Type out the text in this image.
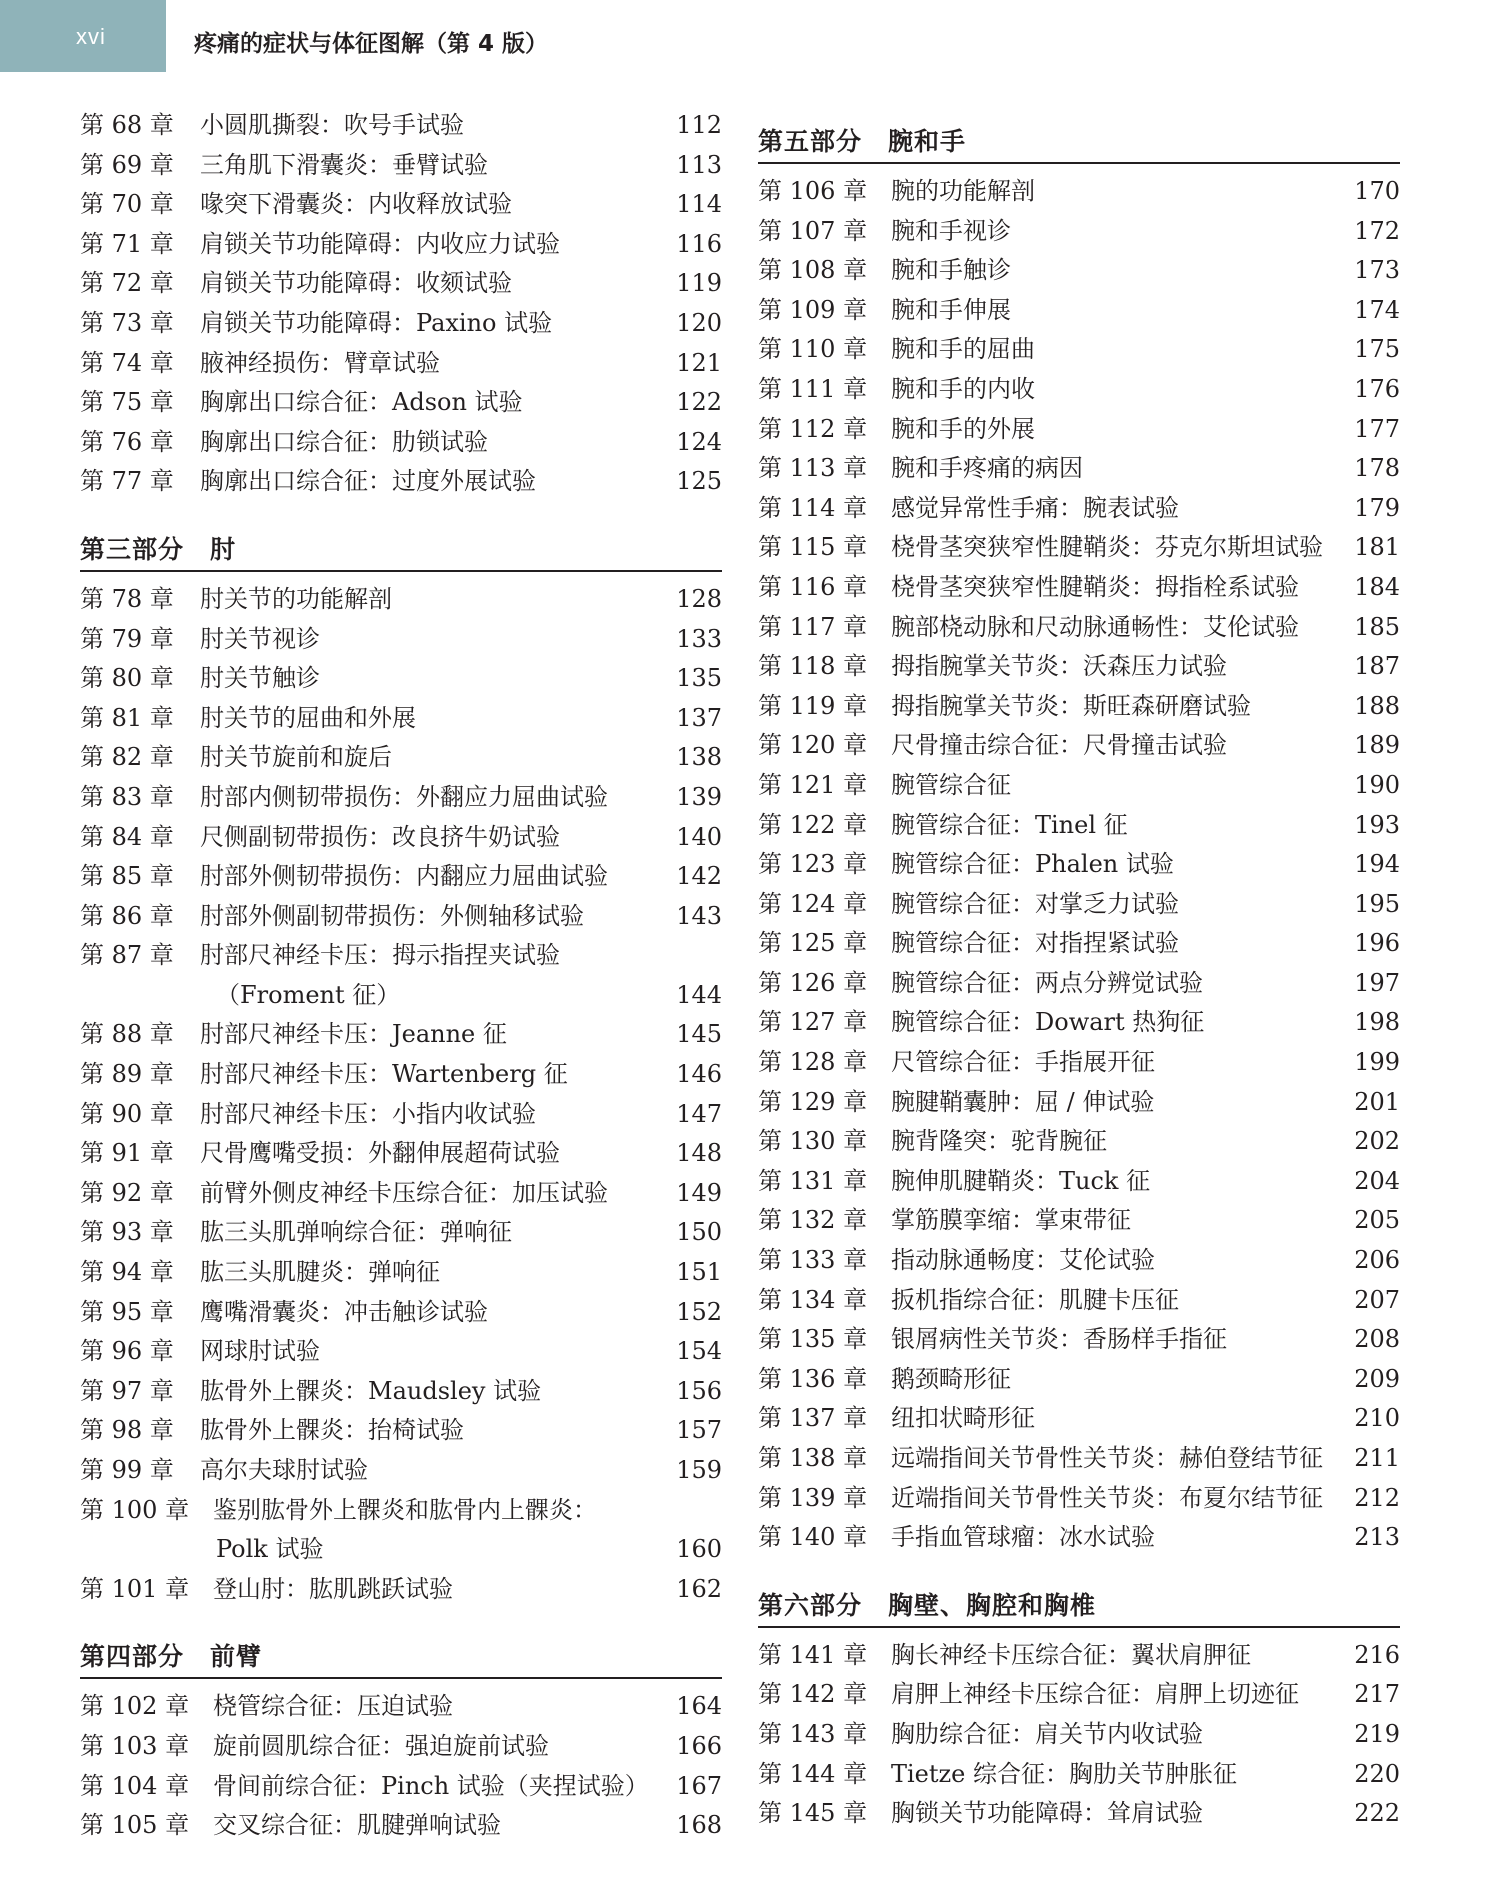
xvi	疼痛的症状与体征图解（第 4 版）
第 68 章 小圆肌撕裂：吹号手试验	112
第 69 章 三角肌下滑囊炎：垂臂试验	113
第 70 章 喙突下滑囊炎：内收释放试验	114
第 71 章 肩锁关节功能障碍：内收应力试验	116
第 72 章 肩锁关节功能障碍：收颏试验	119
第 73 章 肩锁关节功能障碍：Paxino 试验	120
第 74 章 腋神经损伤：臂章试验	121
第 75 章 胸廓出口综合征：Adson 试验	122
第 76 章 胸廓出口综合征：肋锁试验	124
第 77 章 胸廓出口综合征：过度外展试验	125
第三部分　肘
第 78 章 肘关节的功能解剖	128
第 79 章 肘关节视诊	133
第 80 章 肘关节触诊	135
第 81 章 肘关节的屈曲和外展	137
第 82 章 肘关节旋前和旋后	138
第 83 章 肘部内侧韧带损伤：外翻应力屈曲试验	139
第 84 章 尺侧副韧带损伤：改良挤牛奶试验	140
第 85 章 肘部外侧韧带损伤：内翻应力屈曲试验	142
第 86 章 肘部外侧副韧带损伤：外侧轴移试验	143
第 87 章 肘部尺神经卡压：拇示指捏夹试验
（Froment 征）	144
第 88 章 肘部尺神经卡压：Jeanne 征	145
第 89 章 肘部尺神经卡压：Wartenberg 征	146
第 90 章 肘部尺神经卡压：小指内收试验	147
第 91 章 尺骨鹰嘴受损：外翻伸展超荷试验	148
第 92 章 前臂外侧皮神经卡压综合征：加压试验	149
第 93 章 肱三头肌弹响综合征：弹响征	150
第 94 章 肱三头肌腱炎：弹响征	151
第 95 章 鹰嘴滑囊炎：冲击触诊试验	152
第 96 章 网球肘试验	154
第 97 章 肱骨外上髁炎：Maudsley 试验	156
第 98 章 肱骨外上髁炎：抬椅试验	157
第 99 章 高尔夫球肘试验	159
第 100 章 鉴别肱骨外上髁炎和肱骨内上髁炎：
Polk 试验	160
第 101 章 登山肘：肱肌跳跃试验	162
第四部分　前臂
第 102 章 桡管综合征：压迫试验	164
第 103 章 旋前圆肌综合征：强迫旋前试验	166
第 104 章 骨间前综合征：Pinch 试验（夹捏试验） 167
第 105 章 交叉综合征：肌腱弹响试验	168
第五部分　腕和手
第 106 章 腕的功能解剖	170
第 107 章 腕和手视诊	172
第 108 章 腕和手触诊	173
第 109 章 腕和手伸展	174
第 110 章 腕和手的屈曲	175
第 111 章 腕和手的内收	176
第 112 章 腕和手的外展	177
第 113 章 腕和手疼痛的病因	178
第 114 章 感觉异常性手痛：腕表试验	179
第 115 章 桡骨茎突狭窄性腱鞘炎：芬克尔斯坦试验 181
第 116 章 桡骨茎突狭窄性腱鞘炎：拇指栓系试验 184
第 117 章 腕部桡动脉和尺动脉通畅性：艾伦试验 185
第 118 章 拇指腕掌关节炎：沃森压力试验	187
第 119 章 拇指腕掌关节炎：斯旺森研磨试验	188
第 120 章 尺骨撞击综合征：尺骨撞击试验	189
第 121 章 腕管综合征	190
第 122 章 腕管综合征：Tinel 征	193
第 123 章 腕管综合征：Phalen 试验	194
第 124 章 腕管综合征：对掌乏力试验	195
第 125 章 腕管综合征：对指捏紧试验	196
第 126 章 腕管综合征：两点分辨觉试验	197
第 127 章 腕管综合征：Dowart 热狗征	198
第 128 章 尺管综合征：手指展开征	199
第 129 章 腕腱鞘囊肿：屈 / 伸试验	201
第 130 章 腕背隆突：驼背腕征	202
第 131 章 腕伸肌腱鞘炎：Tuck 征	204
第 132 章 掌筋膜挛缩：掌束带征	205
第 133 章 指动脉通畅度：艾伦试验	206
第 134 章 扳机指综合征：肌腱卡压征	207
第 135 章 银屑病性关节炎：香肠样手指征	208
第 136 章 鹅颈畸形征	209
第 137 章 纽扣状畸形征	210
第 138 章 远端指间关节骨性关节炎：赫伯登结节征 211
第 139 章 近端指间关节骨性关节炎：布夏尔结节征 212
第 140 章 手指血管球瘤：冰水试验	213
第六部分　胸壁、胸腔和胸椎
第 141 章 胸长神经卡压综合征：翼状肩胛征	216
第 142 章 肩胛上神经卡压综合征：肩胛上切迹征 217
第 143 章 胸肋综合征：肩关节内收试验	219
第 144 章 Tietze 综合征：胸肋关节肿胀征	220
第 145 章 胸锁关节功能障碍：耸肩试验	222
